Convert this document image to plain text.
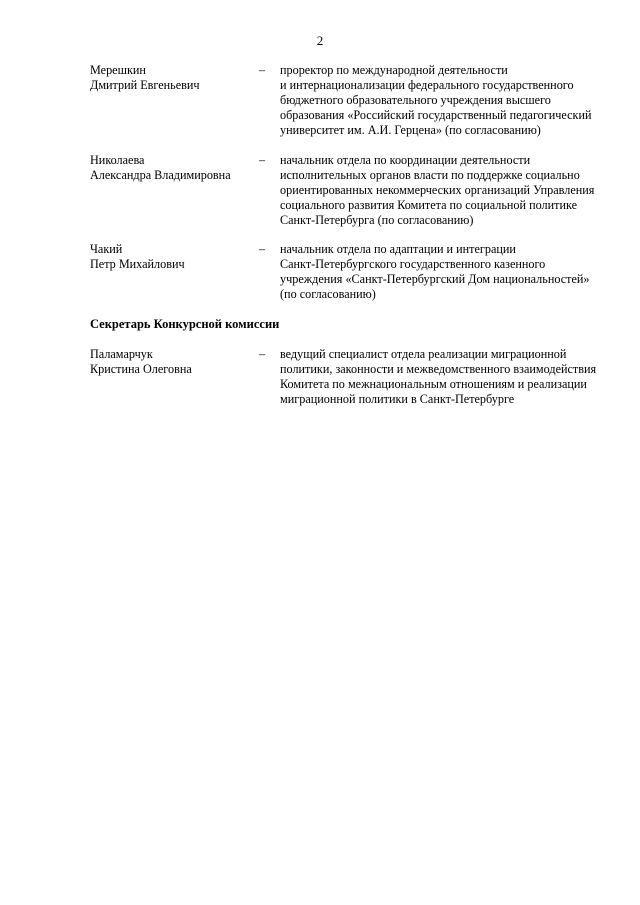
2
Мерешкин
Дмитрий Евгеньевич
– проректор по международной деятельности
и интернационализации федерального государственного
бюджетного образовательного учреждения высшего
образования «Российский государственный педагогический
университет им. А.И. Герцена» (по согласованию)
Николаева
Александра Владимировна
– начальник отдела по координации деятельности
исполнительных органов власти по поддержке социально
ориентированных некоммерческих организаций Управления
социального развития Комитета по социальной политике
Санкт-Петербурга (по согласованию)
Чакий
Петр Михайлович
– начальник отдела по адаптации и интеграции
Санкт-Петербургского государственного казенного
учреждения «Санкт-Петербургский Дом национальностей»
(по согласованию)
Секретарь Конкурсной комиссии
Паламарчук
Кристина Олеговна
– ведущий специалист отдела реализации миграционной
политики, законности и межведомственного взаимодействия
Комитета по межнациональным отношениям и реализации
миграционной политики в Санкт-Петербурге
